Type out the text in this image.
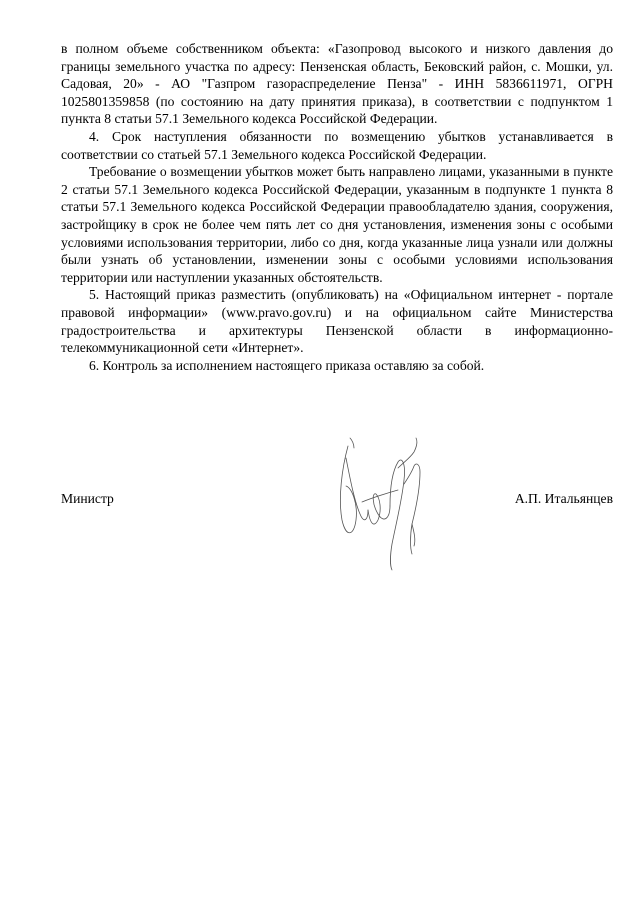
в полном объеме собственником объекта: «Газопровод высокого и низкого давления до границы земельного участка по адресу: Пензенская область, Бековский район, с. Мошки, ул. Садовая, 20» - АО "Газпром газораспределение Пенза" - ИНН 5836611971, ОГРН 1025801359858 (по состоянию на дату принятия приказа), в соответствии с подпунктом 1 пункта 8 статьи 57.1 Земельного кодекса Российской Федерации.

4. Срок наступления обязанности по возмещению убытков устанавливается в соответствии со статьей 57.1 Земельного кодекса Российской Федерации.

Требование о возмещении убытков может быть направлено лицами, указанными в пункте 2 статьи 57.1 Земельного кодекса Российской Федерации, указанным в подпункте 1 пункта 8 статьи 57.1 Земельного кодекса Российской Федерации правообладателю здания, сооружения, застройщику в срок не более чем пять лет со дня установления, изменения зоны с особыми условиями использования территории, либо со дня, когда указанные лица узнали или должны были узнать об установлении, изменении зоны с особыми условиями использования территории или наступлении указанных обстоятельств.

5. Настоящий приказ разместить (опубликовать) на «Официальном интернет - портале правовой информации» (www.pravo.gov.ru) и на официальном сайте Министерства градостроительства и архитектуры Пензенской области в информационно-телекоммуникационной сети «Интернет».

6. Контроль за исполнением настоящего приказа оставляю за собой.

Министр	А.П. Итальянцев
